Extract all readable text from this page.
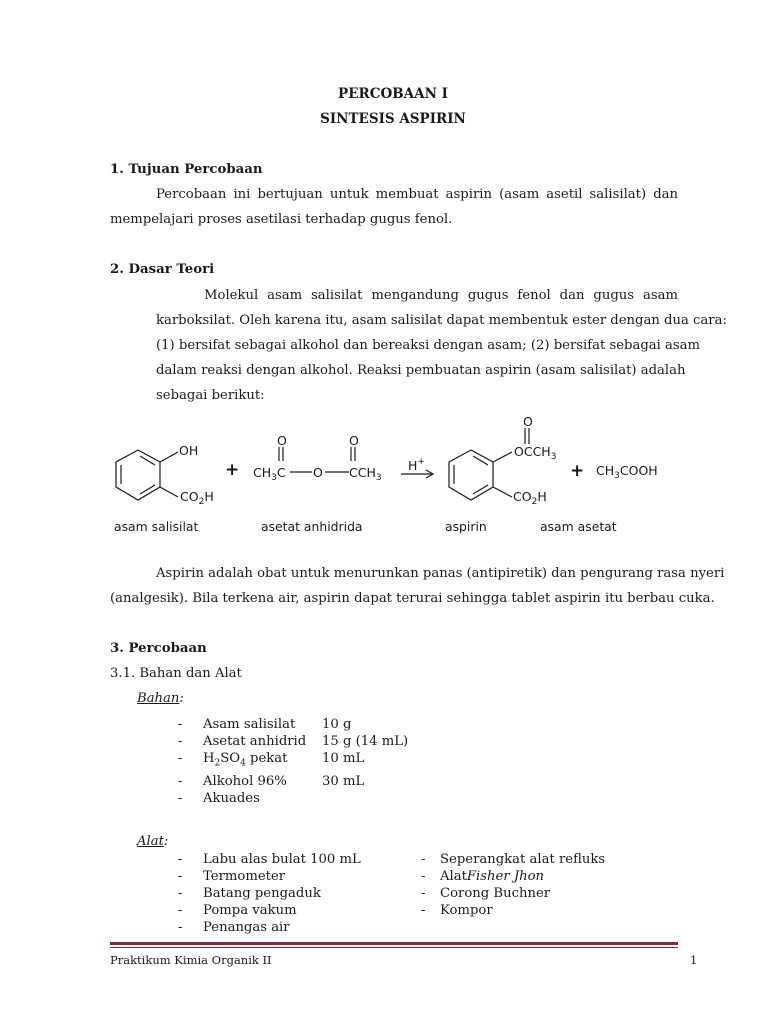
PERCOBAAN I
SINTESIS ASPIRIN
1. Tujuan Percobaan
Percobaan ini bertujuan untuk membuat aspirin (asam asetil salisilat) dan
mempelajari proses asetilasi terhadap gugus fenol.
2. Dasar Teori
Molekul asam salisilat mengandung gugus fenol dan gugus asam
karboksilat. Oleh karena itu, asam salisilat dapat membentuk ester dengan dua cara:
(1) bersifat sebagai alkohol dan bereaksi dengan asam; (2) bersifat sebagai asam
dalam reaksi dengan alkohol. Reaksi pembuatan aspirin (asam salisilat) adalah
sebagai berikut:
OH
$CO_2H$
+
O	O
$CH_3C$ O $CCH_3$
H+
O
$OCCH_3$
$CO_2H$
+ $CH_3COOH$
asam salisilat	asetat anhidrida	aspirin	asam asetat
Aspirin adalah obat untuk menurunkan panas (antipiretik) dan pengurang rasa nyeri
(analgesik). Bila terkena air, aspirin dapat terurai sehingga tablet aspirin itu berbau cuka.
3. Percobaan
3.1. Bahan dan Alat
Bahan:
-	Asam salisilat	10 g
-	Asetat anhidrid	15 g (14 mL)
-	$H_2SO_4$ pekat	10 mL
-	Alkohol 96%	30 mL
-	Akuades
Alat:
-	Labu alas bulat 100 mL
-	Termometer
-	Batang pengaduk
-	Pompa vakum
-	Penangas air
-	Seperangkat alat refluks
-	Alat Fisher Jhon
-	Corong Buchner
-	Kompor
Praktikum Kimia Organik II	1
